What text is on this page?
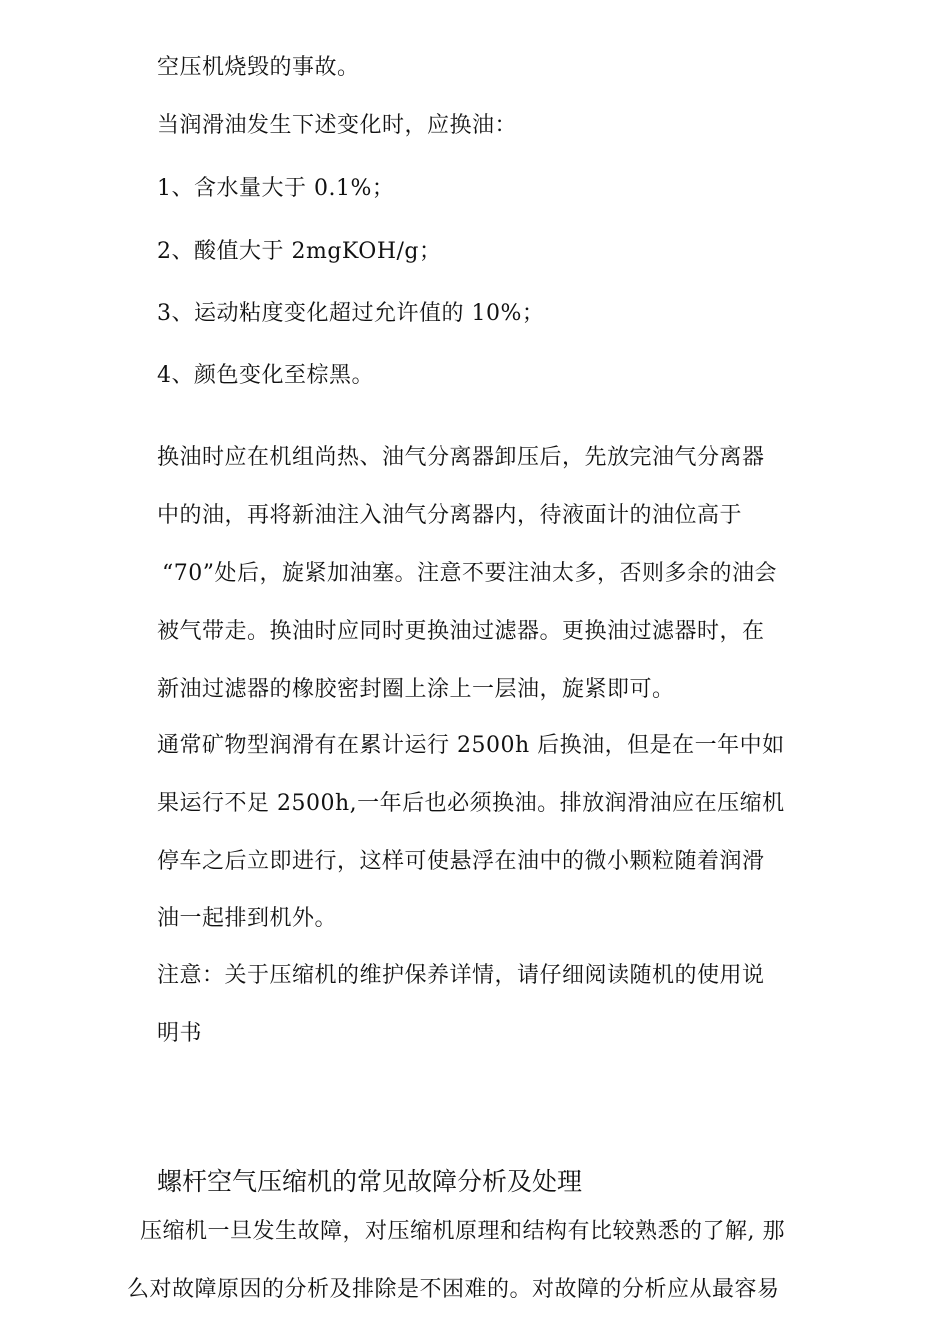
空压机烧毁的事故。
当润滑油发生下述变化时，应换油：
1、含水量大于 0.1%；
2、酸值大于 2mgKOH/g；
3、运动粘度变化超过允许值的 10%；
4、颜色变化至棕黑。
换油时应在机组尚热、油气分离器卸压后，先放完油气分离器
中的油，再将新油注入油气分离器内，待液面计的油位高于
“70”处后，旋紧加油塞。注意不要注油太多，否则多余的油会
被气带走。换油时应同时更换油过滤器。更换油过滤器时，在
新油过滤器的橡胶密封圈上涂上一层油，旋紧即可。
通常矿物型润滑有在累计运行 2500h 后换油，但是在一年中如
果运行不足 2500h,一年后也必须换油。排放润滑油应在压缩机
停车之后立即进行，这样可使悬浮在油中的微小颗粒随着润滑
油一起排到机外。
注意：关于压缩机的维护保养详情，请仔细阅读随机的使用说
明书
螺杆空气压缩机的常见故障分析及处理
压缩机一旦发生故障，对压缩机原理和结构有比较熟悉的了解, 那
么对故障原因的分析及排除是不困难的。对故障的分析应从最容易
